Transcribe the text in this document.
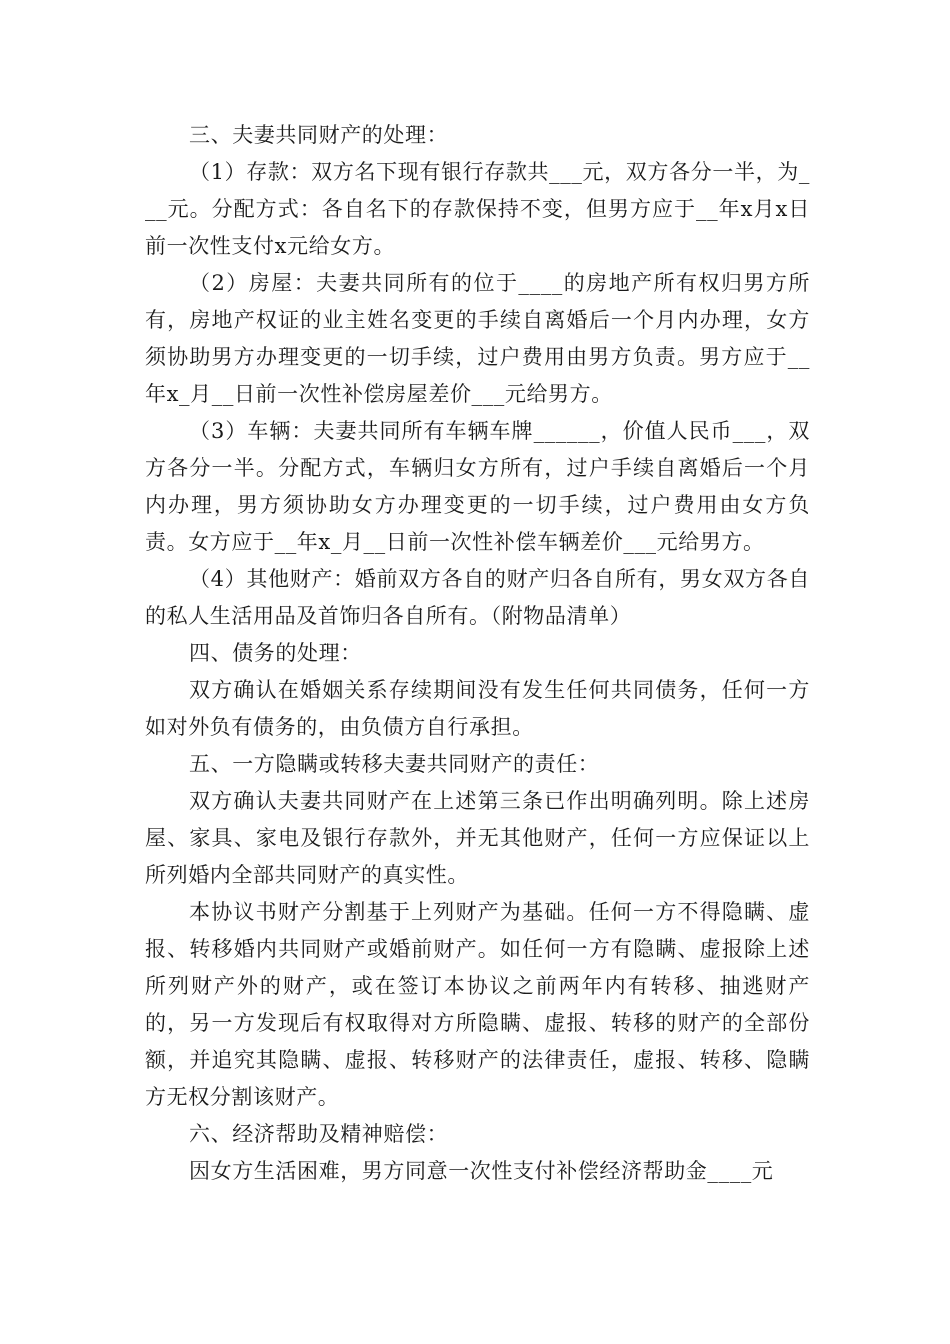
三、夫妻共同财产的处理：

（1）存款：双方名下现有银行存款共___元，双方各分一半，为___元。分配方式：各自名下的存款保持不变，但男方应于__年x月x日前一次性支付x元给女方。

（2）房屋：夫妻共同所有的位于____的房地产所有权归男方所有，房地产权证的业主姓名变更的手续自离婚后一个月内办理，女方须协助男方办理变更的一切手续，过户费用由男方负责。男方应于__年x_月__日前一次性补偿房屋差价___元给男方。

（3）车辆：夫妻共同所有车辆车牌______，价值人民币___，双方各分一半。分配方式，车辆归女方所有，过户手续自离婚后一个月内办理，男方须协助女方办理变更的一切手续，过户费用由女方负责。女方应于__年x_月__日前一次性补偿车辆差价___元给男方。

（4）其他财产：婚前双方各自的财产归各自所有，男女双方各自的私人生活用品及首饰归各自所有。（附物品清单）

四、债务的处理：

双方确认在婚姻关系存续期间没有发生任何共同债务，任何一方如对外负有债务的，由负债方自行承担。

五、一方隐瞒或转移夫妻共同财产的责任：

双方确认夫妻共同财产在上述第三条已作出明确列明。除上述房屋、家具、家电及银行存款外，并无其他财产，任何一方应保证以上所列婚内全部共同财产的真实性。

本协议书财产分割基于上列财产为基础。任何一方不得隐瞒、虚报、转移婚内共同财产或婚前财产。如任何一方有隐瞒、虚报除上述所列财产外的财产，或在签订本协议之前两年内有转移、抽逃财产的，另一方发现后有权取得对方所隐瞒、虚报、转移的财产的全部份额，并追究其隐瞒、虚报、转移财产的法律责任，虚报、转移、隐瞒方无权分割该财产。

六、经济帮助及精神赔偿：

因女方生活困难，男方同意一次性支付补偿经济帮助金____元
